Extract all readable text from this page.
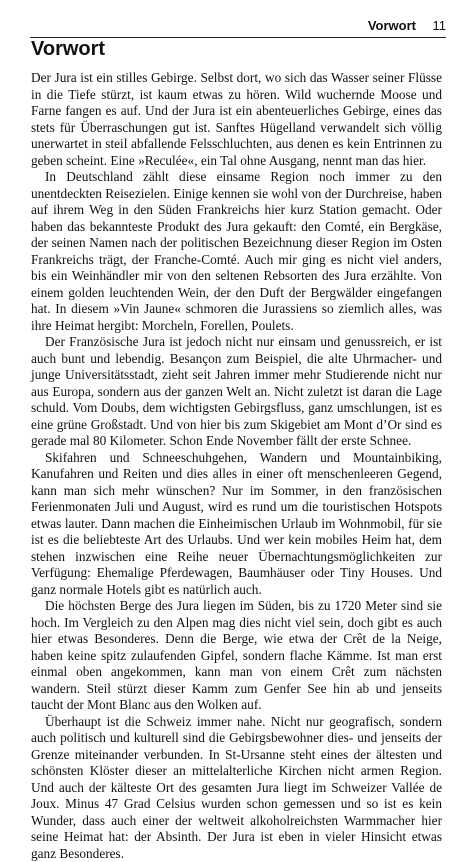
Vorwort 11
Vorwort

Der Jura ist ein stilles Gebirge. Selbst dort, wo sich das Wasser seiner Flüsse in die Tiefe stürzt, ist kaum etwas zu hören. Wild wuchernde Moose und Farne fangen es auf. Und der Jura ist ein abenteuerliches Gebirge, eines das stets für Überraschungen gut ist. Sanftes Hügelland verwandelt sich völlig unerwartet in steil abfallende Felsschluchten, aus denen es kein Entrinnen zu geben scheint. Eine »Reculée«, ein Tal ohne Ausgang, nennt man das hier.

In Deutschland zählt diese einsame Region noch immer zu den unentdeckten Reisezielen. Einige kennen sie wohl von der Durchreise, haben auf ihrem Weg in den Süden Frankreichs hier kurz Station gemacht. Oder haben das bekannteste Produkt des Jura gekauft: den Comté, ein Bergkäse, der seinen Namen nach der politischen Bezeichnung dieser Region im Osten Frankreichs trägt, der Franche-Comté. Auch mir ging es nicht viel anders, bis ein Weinhändler mir von den seltenen Rebsorten des Jura erzählte. Von einem golden leuchtenden Wein, der den Duft der Bergwälder eingefangen hat. In diesem »Vin Jaune« schmoren die Jurassiens so ziemlich alles, was ihre Heimat hergibt: Morcheln, Forellen, Poulets.

Der Französische Jura ist jedoch nicht nur einsam und genussreich, er ist auch bunt und lebendig. Besançon zum Beispiel, die alte Uhrmacher- und junge Universitätsstadt, zieht seit Jahren immer mehr Studierende nicht nur aus Europa, sondern aus der ganzen Welt an. Nicht zuletzt ist daran die Lage schuld. Vom Doubs, dem wichtigsten Gebirgsfluss, ganz umschlungen, ist es eine grüne Großstadt. Und von hier bis zum Skigebiet am Mont d’Or sind es gerade mal 80 Kilometer. Schon Ende November fällt der erste Schnee.

Skifahren und Schneeschuhgehen, Wandern und Mountainbiking, Kanufahren und Reiten und dies alles in einer oft menschenleeren Gegend, kann man sich mehr wünschen? Nur im Sommer, in den französischen Ferienmonaten Juli und August, wird es rund um die touristischen Hotspots etwas lauter. Dann machen die Einheimischen Urlaub im Wohnmobil, für sie ist es die beliebteste Art des Urlaubs. Und wer kein mobiles Heim hat, dem stehen inzwischen eine Reihe neuer Übernachtungsmöglichkeiten zur Verfügung: Ehemalige Pferdewagen, Baumhäuser oder Tiny Houses. Und ganz normale Hotels gibt es natürlich auch.

Die höchsten Berge des Jura liegen im Süden, bis zu 1720 Meter sind sie hoch. Im Vergleich zu den Alpen mag dies nicht viel sein, doch gibt es auch hier etwas Besonderes. Denn die Berge, wie etwa der Crêt de la Neige, haben keine spitz zulaufenden Gipfel, sondern flache Kämme. Ist man erst einmal oben angekommen, kann man von einem Crêt zum nächsten wandern. Steil stürzt dieser Kamm zum Genfer See hin ab und jenseits taucht der Mont Blanc aus den Wolken auf.

Überhaupt ist die Schweiz immer nahe. Nicht nur geografisch, sondern auch politisch und kulturell sind die Gebirgsbewohner dies- und jenseits der Grenze miteinander verbunden. In St-Ursanne steht eines der ältesten und schönsten Klöster dieser an mittelalterliche Kirchen nicht armen Region. Und auch der kälteste Ort des gesamten Jura liegt im Schweizer Vallée de Joux. Minus 47 Grad Celsius wurden schon gemessen und so ist es kein Wunder, dass auch einer der weltweit alkoholreichsten Warmmacher hier seine Heimat hat: der Absinth. Der Jura ist eben in vieler Hinsicht etwas ganz Besonderes.
